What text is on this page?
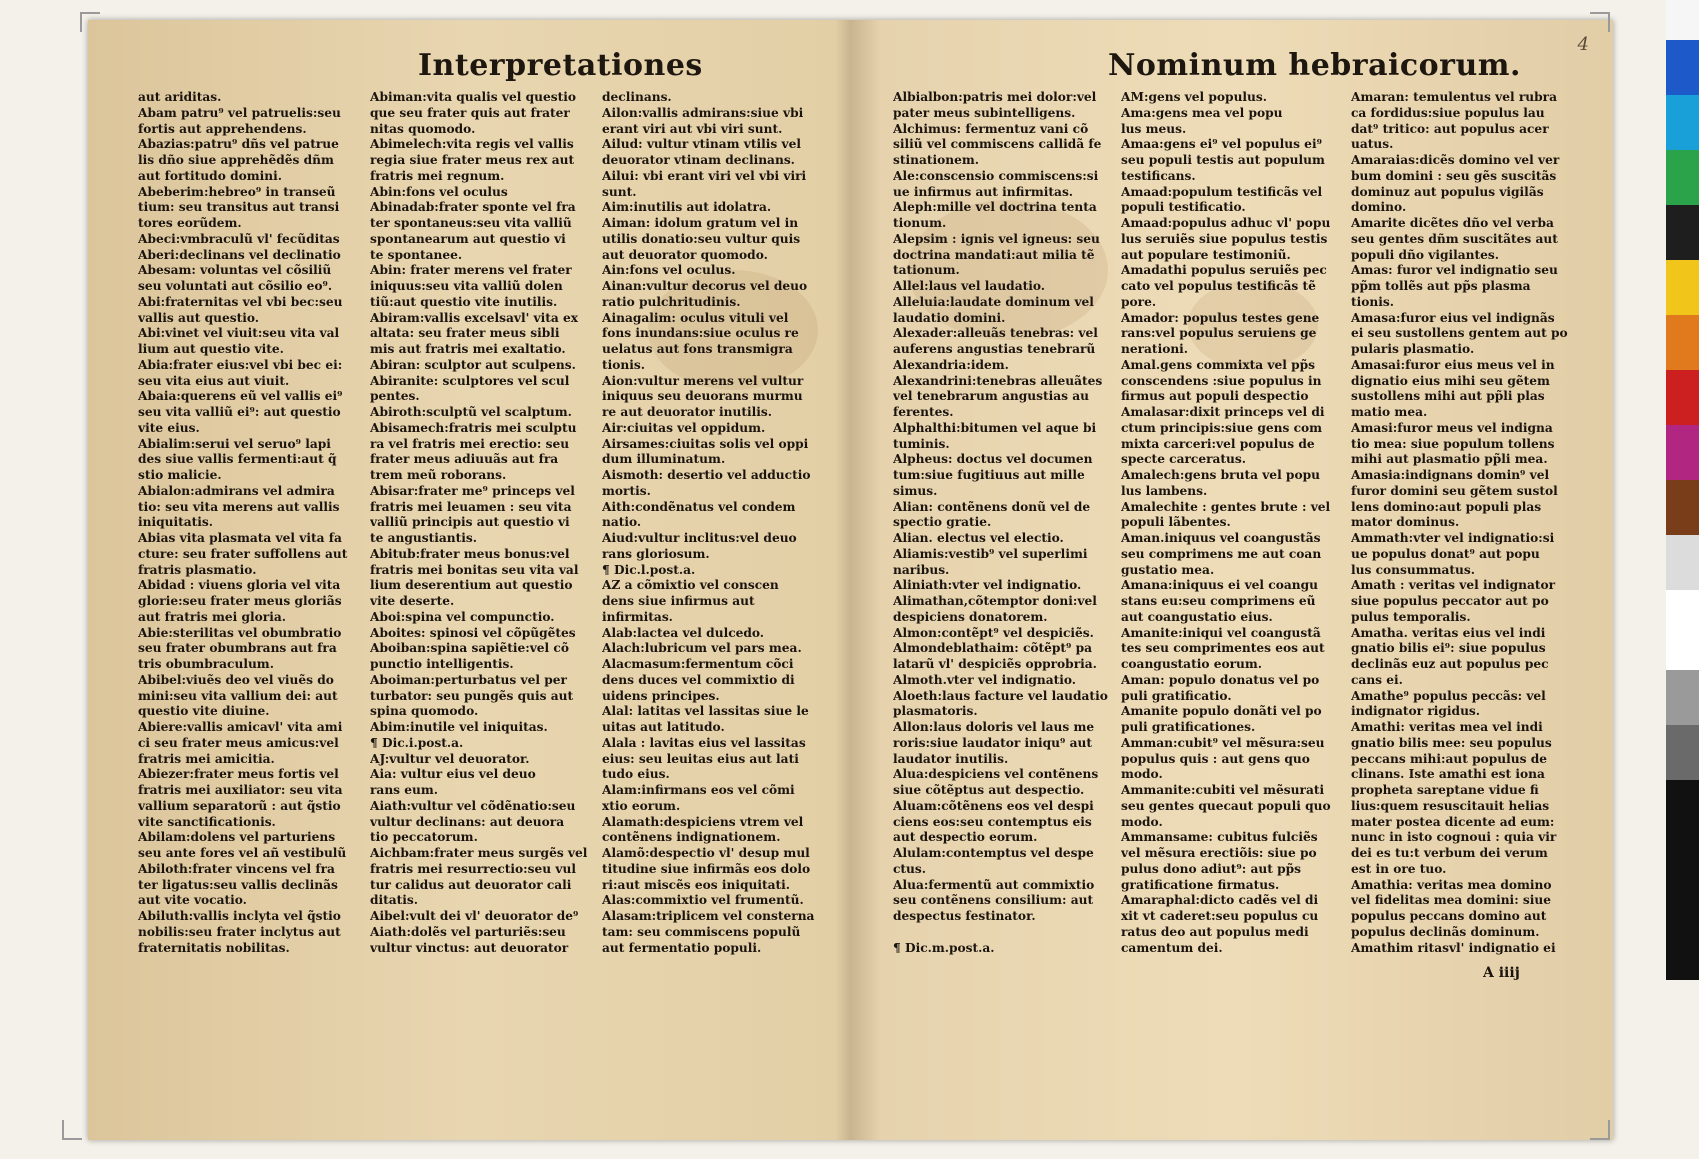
Interpretationes
aut ariditas.
Abam patru⁹ vel patruelis:seu
fortis aut apprehendens.
Abazias:patru⁹ dñs vel patrue
lis dño siue apprehẽdẽs dñm
aut fortitudo domini.
Abeberim:hebreo⁹ in transeũ
tium: seu transitus aut transi
tores eorũdem.
Abeci:vmbraculũ vl' fecũditas
Aberi:declinans vel declinatio
Abesam: voluntas vel cõsiliũ
seu voluntati aut cõsilio eo⁹.
Abi:fraternitas vel vbi bec:seu
vallis aut questio.
Abi:vinet vel viuit:seu vita val
lium aut questio vite.
Abia:frater eius:vel vbi bec ei:
seu vita eius aut viuit.
Abaia:querens eũ vel vallis ei⁹
seu vita valliũ ei⁹: aut questio
vite eius.
Abialim:serui vel seruo⁹ lapi
des siue vallis fermenti:aut q̃
stio malicie.
Abialon:admirans vel admira
tio: seu vita merens aut vallis
iniquitatis.
Abias vita plasmata vel vita fa
cture: seu frater suffollens aut
fratris plasmatio.
Abidad : viuens gloria vel vita
glorie:seu frater meus gloriãs
aut fratris mei gloria.
Abie:sterilitas vel obumbratio
seu frater obumbrans aut fra
tris obumbraculum.
Abibel:viuẽs deo vel viuẽs do
mini:seu vita vallium dei: aut
questio vite diuine.
Abiere:vallis amicavl' vita ami
ci seu frater meus amicus:vel
fratris mei amicitia.
Abiezer:frater meus fortis vel
fratris mei auxiliator: seu vita
vallium separatorũ : aut q̃stio
vite sanctificationis.
Abilam:dolens vel parturiens
seu ante fores vel añ vestibulũ
Abiloth:frater vincens vel fra
ter ligatus:seu vallis declinãs
aut vite vocatio.
Abiluth:vallis inclyta vel q̃stio
nobilis:seu frater inclytus aut
fraternitatis nobilitas.
Abiman:vita qualis vel questio
que seu frater quis aut frater
nitas quomodo.
Abimelech:vita regis vel vallis
regia siue frater meus rex aut
fratris mei regnum.
Abin:fons vel oculus
Abinadab:frater sponte vel fra
ter spontaneus:seu vita valliũ
spontanearum aut questio vi
te spontanee.
Abin: frater merens vel frater
iniquus:seu vita valliũ dolen
tiũ:aut questio vite inutilis.
Abiram:vallis excelsavl' vita ex
altata: seu frater meus sibli
mis aut fratris mei exaltatio.
Abiran: sculptor aut sculpens.
Abiranite: sculptores vel scul
pentes.
Abiroth:sculptũ vel scalptum.
Abisamech:fratris mei sculptu
ra vel fratris mei erectio: seu
frater meus adiuuãs aut fra
trem meũ roborans.
Abisar:frater me⁹ princeps vel
fratris mei leuamen : seu vita
valliũ principis aut questio vi
te angustiantis.
Abitub:frater meus bonus:vel
fratris mei bonitas seu vita val
lium deserentium aut questio
vite deserte.
Aboi:spina vel compunctio.
Aboites: spinosi vel cõpũgẽtes
Aboiban:spina sapiẽtie:vel cõ
punctio intelligentis.
Aboiman:perturbatus vel per
turbator: seu pungẽs quis aut
spina quomodo.
Abim:inutile vel iniquitas.
¶ Dic.i.post.a.
AJ:vultur vel deuorator.
Aia: vultur eius vel deuo
rans eum.
Aiath:vultur vel cõdẽnatio:seu
vultur declinans: aut deuora
tio peccatorum.
Aichbam:frater meus surgẽs vel
fratris mei resurrectio:seu vul
tur calidus aut deuorator cali
ditatis.
Aibel:vult dei vl' deuorator de⁹
Aiath:dolẽs vel parturiẽs:seu
vultur vinctus: aut deuorator
declinans.
Ailon:vallis admirans:siue vbi
erant viri aut vbi viri sunt.
Ailud: vultur vtinam vtilis vel
deuorator vtinam declinans.
Ailui: vbi erant viri vel vbi viri
sunt.
Aim:inutilis aut idolatra.
Aiman: idolum gratum vel in
utilis donatio:seu vultur quis
aut deuorator quomodo.
Ain:fons vel oculus.
Ainan:vultur decorus vel deuo
ratio pulchritudinis.
Ainagalim: oculus vituli vel
fons inundans:siue oculus re
uelatus aut fons transmigra
tionis.
Aion:vultur merens vel vultur
iniquus seu deuorans murmu
re aut deuorator inutilis.
Air:ciuitas vel oppidum.
Airsames:ciuitas solis vel oppi
dum illuminatum.
Aismoth: desertio vel adductio
mortis.
Aith:condẽnatus vel condem
natio.
Aiud:vultur inclitus:vel deuo
rans gloriosum.
¶ Dic.l.post.a.
AZ a cõmixtio vel conscen
dens siue infirmus aut
infirmitas.
Alab:lactea vel dulcedo.
Alach:lubricum vel pars mea.
Alacmasum:fermentum cõci
dens duces vel commixtio di
uidens principes.
Alal: latitas vel lassitas siue le
uitas aut latitudo.
Alala : lavitas eius vel lassitas
eius: seu leuitas eius aut lati
tudo eius.
Alam:infirmans eos vel cõmi
xtio eorum.
Alamath:despiciens vtrem vel
contẽnens indignationem.
Alamõ:despectio vl' desup mul
titudine siue infirmãs eos dolo
ri:aut miscẽs eos iniquitati.
Alas:commixtio vel frumentũ.
Alasam:triplicem vel consterna
tam: seu commiscens populũ
aut fermentatio populi.
Nominum hebraicorum.
4
Albialbon:patris mei dolor:vel
pater meus subintelligens.
Alchimus: fermentuz vani cõ
siliũ vel commiscens callidã fe
stinationem.
Ale:conscensio commiscens:si
ue infirmus aut infirmitas.
Aleph:mille vel doctrina tenta
tionum.
Alepsim : ignis vel igneus: seu
doctrina mandati:aut milia tẽ
tationum.
Allel:laus vel laudatio.
Alleluia:laudate dominum vel
laudatio domini.
Alexader:alleuãs tenebras: vel
auferens angustias tenebrarũ
Alexandria:idem.
Alexandrini:tenebras alleuãtes
vel tenebrarum angustias au
ferentes.
Alphalthi:bitumen vel aque bi
tuminis.
Alpheus: doctus vel documen
tum:siue fugitiuus aut mille
simus.
Alian: contẽnens donũ vel de
spectio gratie.
Alian. electus vel electio.
Aliamis:vestib⁹ vel superlimi
naribus.
Aliniath:vter vel indignatio.
Alimathan,cõtemptor doni:vel
despiciens donatorem.
Almon:contẽpt⁹ vel despiciẽs.
Almondeblathaim: cõtẽpt⁹ pa
latarũ vl' despiciẽs opprobria.
Almoth.vter vel indignatio.
Aloeth:laus facture vel laudatio
plasmatoris.
Allon:laus doloris vel laus me
roris:siue laudator iniqu⁹ aut
laudator inutilis.
Alua:despiciens vel contẽnens
siue cõtẽptus aut despectio.
Aluam:cõtẽnens eos vel despi
ciens eos:seu contemptus eis
aut despectio eorum.
Alulam:contemptus vel despe
ctus.
Alua:fermentũ aut commixtio
seu contẽnens consilium: aut
despectus festinator.
¶ Dic.m.post.a.
AM:gens vel populus.
Ama:gens mea vel popu
lus meus.
Amaa:gens ei⁹ vel populus ei⁹
seu populi testis aut populum
testificans.
Amaad:populum testificãs vel
populi testificatio.
Amaad:populus adhuc vl' popu
lus seruiẽs siue populus testis
aut populare testimoniũ.
Amadathi populus seruiẽs pec
cato vel populus testificãs tẽ
pore.
Amador: populus testes gene
rans:vel populus seruiens ge
nerationi.
Amal.gens commixta vel pp̃s
conscendens :siue populus in
firmus aut populi despectio
Amalasar:dixit princeps vel di
ctum principis:siue gens com
mixta carceri:vel populus de
specte carceratus.
Amalech:gens bruta vel popu
lus lambens.
Amalechite : gentes brute : vel
populi lãbentes.
Aman.iniquus vel coangustãs
seu comprimens me aut coan
gustatio mea.
Amana:iniquus ei vel coangu
stans eu:seu comprimens eũ
aut coangustatio eius.
Amanite:iniqui vel coangustã
tes seu comprimentes eos aut
coangustatio eorum.
Aman: populo donatus vel po
puli gratificatio.
Amanite populo donãti vel po
puli gratificationes.
Amman:cubit⁹ vel mẽsura:seu
populus quis : aut gens quo
modo.
Ammanite:cubiti vel mẽsurati
seu gentes quecaut populi quo
modo.
Ammansame: cubitus fulciẽs
vel mẽsura erectiõis: siue po
pulus dono adiut⁹: aut pp̃s
gratificatione firmatus.
Amaraphal:dicto cadẽs vel di
xit vt caderet:seu populus cu
ratus deo aut populus medi
camentum dei.
Amaran: temulentus vel rubra
ca fordidus:siue populus lau
dat⁹ tritico: aut populus acer
uatus.
Amaraias:dicẽs domino vel ver
bum domini : seu gẽs suscitãs
dominuz aut populus vigilãs
domino.
Amarite dicẽtes dño vel verba
seu gentes dñm suscitãtes aut
populi dño vigilantes.
Amas: furor vel indignatio seu
pp̃m tollẽs aut pp̃s plasma
tionis.
Amasa:furor eius vel indignãs
ei seu sustollens gentem aut po
pularis plasmatio.
Amasai:furor eius meus vel in
dignatio eius mihi seu gẽtem
sustollens mihi aut pp̃li plas
matio mea.
Amasi:furor meus vel indigna
tio mea: siue populum tollens
mihi aut plasmatio pp̃li mea.
Amasia:indignans domin⁹ vel
furor domini seu gẽtem sustol
lens domino:aut populi plas
mator dominus.
Ammath:vter vel indignatio:si
ue populus donat⁹ aut popu
lus consummatus.
Amath : veritas vel indignator
siue populus peccator aut po
pulus temporalis.
Amatha. veritas eius vel indi
gnatio bilis ei⁹: siue populus
declinãs euz aut populus pec
cans ei.
Amathe⁹ populus peccãs: vel
indignator rigidus.
Amathi: veritas mea vel indi
gnatio bilis mee: seu populus
peccans mihi:aut populus de
clinans. Iste amathi est iona
propheta sareptane vidue fi
lius:quem resuscitauit helias
mater postea dicente ad eum:
nunc in isto cognoui : quia vir
dei es tu:t verbum dei verum
est in ore tuo.
Amathia: veritas mea domino
vel fidelitas mea domini: siue
populus peccans domino aut
populus declinãs dominum.
Amathim ritasvl' indignatio ei
A iiij
